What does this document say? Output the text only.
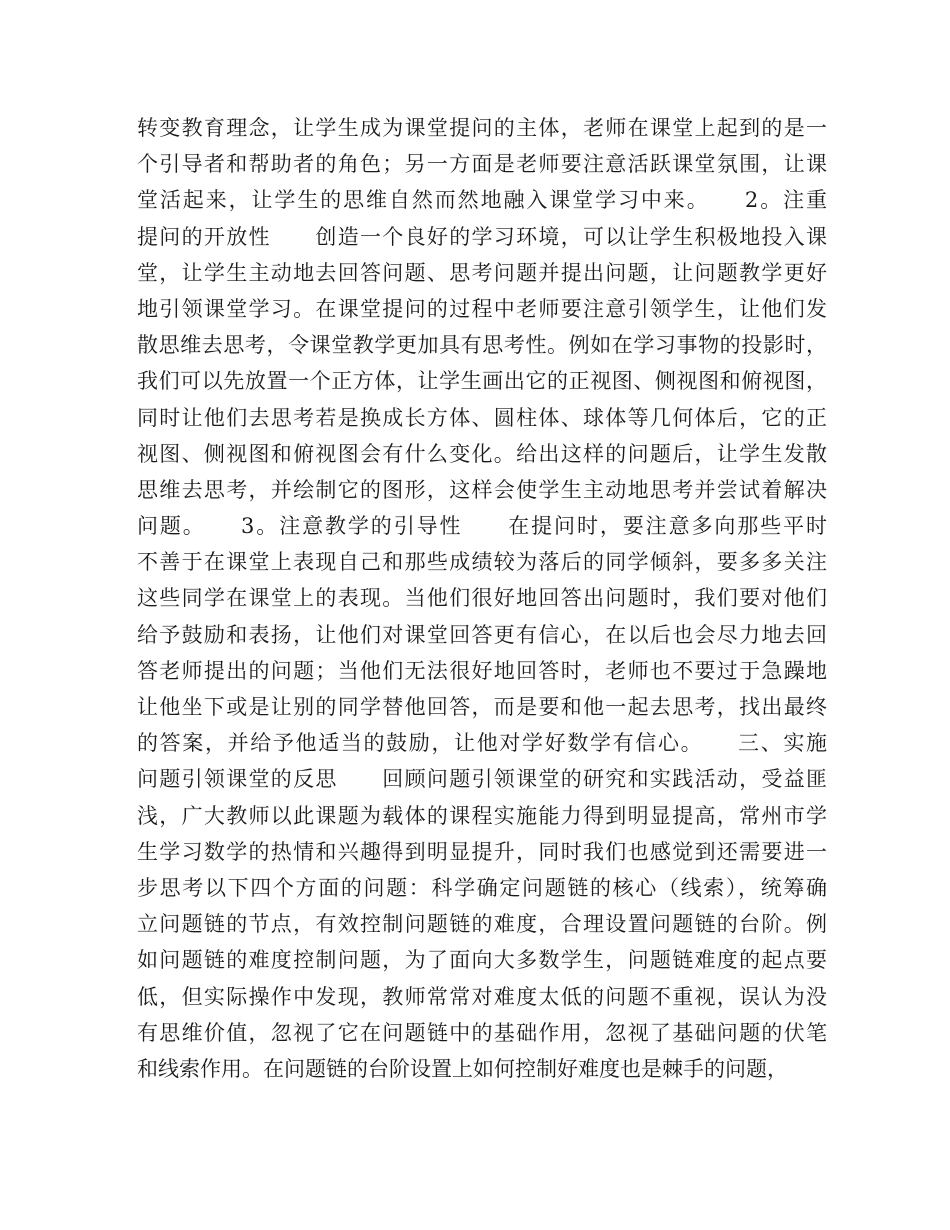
转变教育理念，让学生成为课堂提问的主体，老师在课堂上起到的是一
个引导者和帮助者的角色；另一方面是老师要注意活跃课堂氛围，让课
堂活起来，让学生的思维自然而然地融入课堂学习中来。　　2。注重
提问的开放性　　创造一个良好的学习环境，可以让学生积极地投入课
堂，让学生主动地去回答问题、思考问题并提出问题，让问题教学更好
地引领课堂学习。在课堂提问的过程中老师要注意引领学生，让他们发
散思维去思考，令课堂教学更加具有思考性。例如在学习事物的投影时，
我们可以先放置一个正方体，让学生画出它的正视图、侧视图和俯视图，
同时让他们去思考若是换成长方体、圆柱体、球体等几何体后，它的正
视图、侧视图和俯视图会有什么变化。给出这样的问题后，让学生发散
思维去思考，并绘制它的图形，这样会使学生主动地思考并尝试着解决
问题。　　3。注意教学的引导性　　在提问时，要注意多向那些平时
不善于在课堂上表现自己和那些成绩较为落后的同学倾斜，要多多关注
这些同学在课堂上的表现。当他们很好地回答出问题时，我们要对他们
给予鼓励和表扬，让他们对课堂回答更有信心，在以后也会尽力地去回
答老师提出的问题；当他们无法很好地回答时，老师也不要过于急躁地
让他坐下或是让别的同学替他回答，而是要和他一起去思考，找出最终
的答案，并给予他适当的鼓励，让他对学好数学有信心。　　三、实施
问题引领课堂的反思　　回顾问题引领课堂的研究和实践活动，受益匪
浅，广大教师以此课题为载体的课程实施能力得到明显提高，常州市学
生学习数学的热情和兴趣得到明显提升，同时我们也感觉到还需要进一
步思考以下四个方面的问题：科学确定问题链的核心（线索），统筹确
立问题链的节点，有效控制问题链的难度，合理设置问题链的台阶。例
如问题链的难度控制问题，为了面向大多数学生，问题链难度的起点要
低，但实际操作中发现，教师常常对难度太低的问题不重视，误认为没
有思维价值，忽视了它在问题链中的基础作用，忽视了基础问题的伏笔
和线索作用。在问题链的台阶设置上如何控制好难度也是棘手的问题，
